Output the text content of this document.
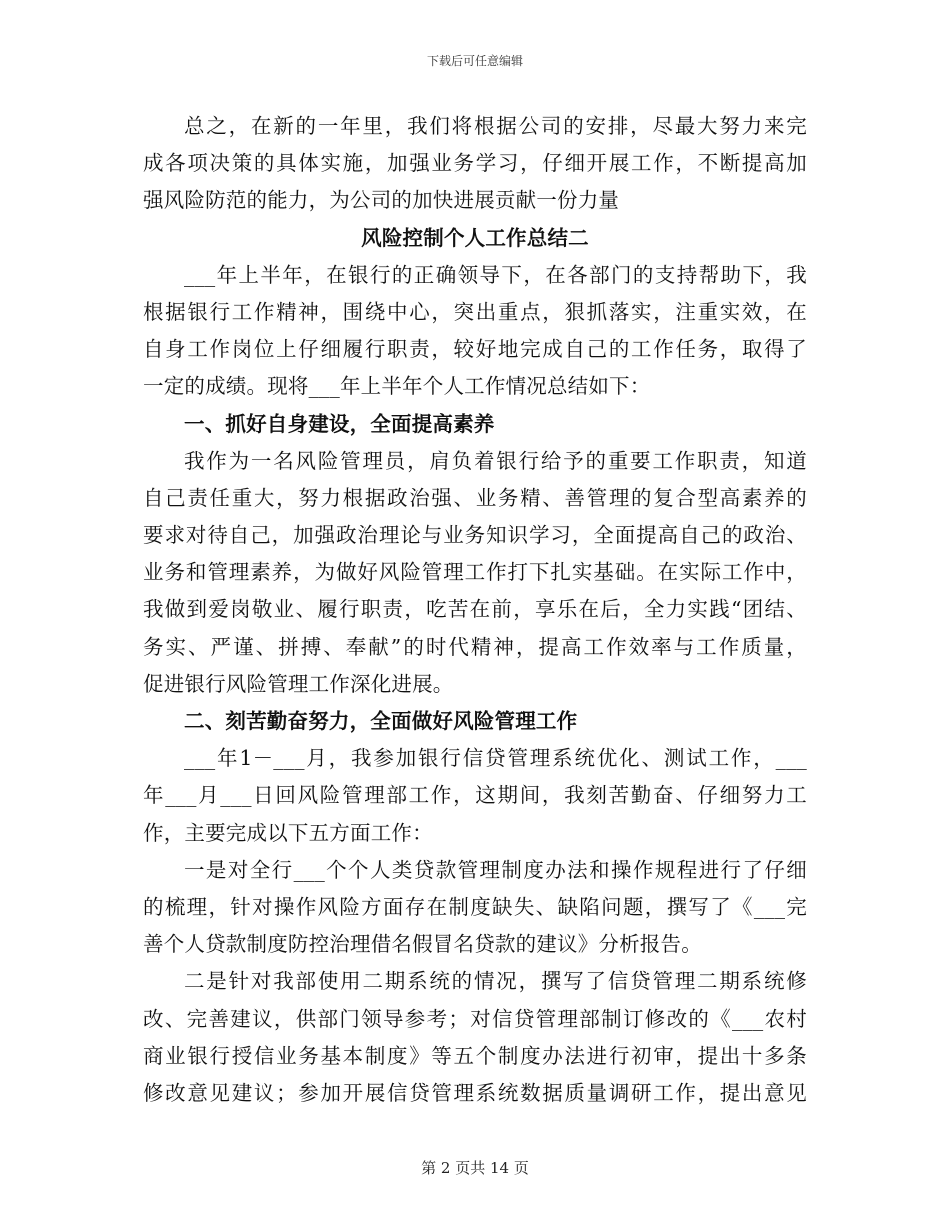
下载后可任意编辑
总之，在新的一年里，我们将根据公司的安排，尽最大努力来完
成各项决策的具体实施，加强业务学习，仔细开展工作，不断提高加
强风险防范的能力，为公司的加快进展贡献一份力量
风险控制个人工作总结二
___年上半年，在银行的正确领导下，在各部门的支持帮助下，我
根据银行工作精神，围绕中心，突出重点，狠抓落实，注重实效，在
自身工作岗位上仔细履行职责，较好地完成自己的工作任务，取得了
一定的成绩。现将___年上半年个人工作情况总结如下：
一、抓好自身建设，全面提高素养
我作为一名风险管理员，肩负着银行给予的重要工作职责，知道
自己责任重大，努力根据政治强、业务精、善管理的复合型高素养的
要求对待自己，加强政治理论与业务知识学习，全面提高自己的政治、
业务和管理素养，为做好风险管理工作打下扎实基础。在实际工作中，
我做到爱岗敬业、履行职责，吃苦在前，享乐在后，全力实践“团结、
务实、严谨、拼搏、奉献”的时代精神，提高工作效率与工作质量，
促进银行风险管理工作深化进展。
二、刻苦勤奋努力，全面做好风险管理工作
___年1－___月，我参加银行信贷管理系统优化、测试工作，___
年___月___日回风险管理部工作，这期间，我刻苦勤奋、仔细努力工
作，主要完成以下五方面工作：
一是对全行___个个人类贷款管理制度办法和操作规程进行了仔细
的梳理，针对操作风险方面存在制度缺失、缺陷问题，撰写了《___完
善个人贷款制度防控治理借名假冒名贷款的建议》分析报告。
二是针对我部使用二期系统的情况，撰写了信贷管理二期系统修
改、完善建议，供部门领导参考；对信贷管理部制订修改的《___农村
商业银行授信业务基本制度》等五个制度办法进行初审，提出十多条
修改意见建议；参加开展信贷管理系统数据质量调研工作，提出意见
第 2 页共 14 页
